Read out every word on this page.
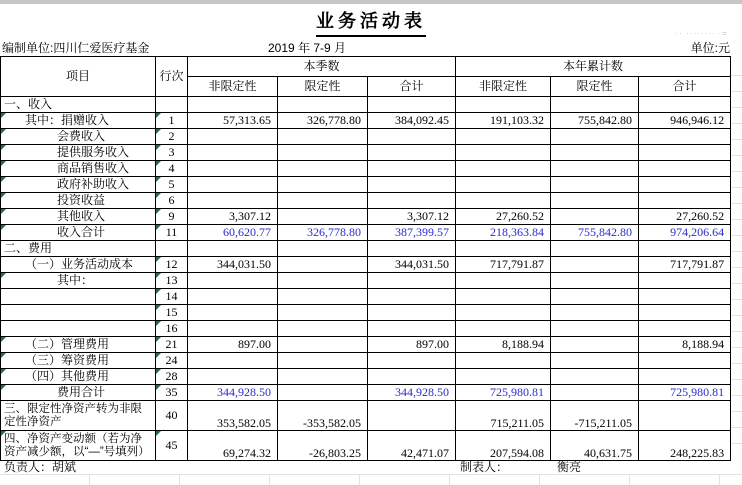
业务活动表
编制单位:四川仁爱医疗基金	2019 年 7-9 月
·· ········ ·=
单位:元
项目	行次	本季数			本年累计数		
		非限定性	限定性	合计	非限定性	限定性	合计
一、收入							
其中：捐赠收入	1	57,313.65	326,778.80	384,092.45	191,103.32	755,842.80	946,946.12
会费收入	2						
提供服务收入	3						
商品销售收入	4						
政府补助收入	5						
投资收益	6						
其他收入	9	3,307.12		3,307.12	27,260.52		27,260.52
收入合计	11	60,620.77	326,778.80	387,399.57	218,363.84	755,842.80	974,206.64
二、费用							
（一）业务活动成本	12	344,031.50		344,031.50	717,791.87		717,791.87
其中：	13						
	14						
	15						
	16						
（二）管理费用	21	897.00		897.00	8,188.94		8,188.94
（三）筹资费用	24						
（四）其他费用	28						
费用合计	35	344,928.50		344,928.50	725,980.81		725,980.81
三、限定性净资产转为非限定性净资产	40	353,582.05	-353,582.05		715,211.05	-715,211.05	
四、净资产变动额（若为净资产减少额，以“—”号填列）	45	69,274.32	-26,803.25	42,471.07	207,594.08	40,631.75	248,225.83
负责人：胡斌	制表人：	衡亮
